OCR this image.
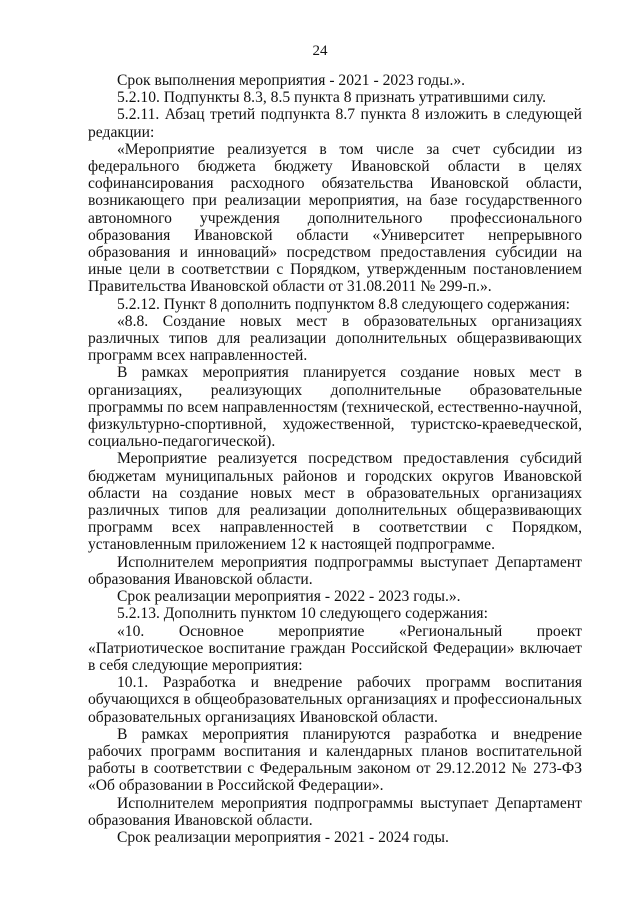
24
Срок выполнения мероприятия - 2021 - 2023 годы.».
5.2.10. Подпункты 8.3, 8.5 пункта 8 признать утратившими силу.
5.2.11. Абзац третий подпункта 8.7 пункта 8 изложить в следующей
редакции:
«Мероприятие реализуется в том числе за счет субсидии из
федерального бюджета бюджету Ивановской области в целях
софинансирования расходного обязательства Ивановской области,
возникающего при реализации мероприятия, на базе государственного
автономного учреждения дополнительного профессионального
образования Ивановской области «Университет непрерывного
образования и инноваций» посредством предоставления субсидии на
иные цели в соответствии с Порядком, утвержденным постановлением
Правительства Ивановской области от 31.08.2011 № 299-п.».
5.2.12. Пункт 8 дополнить подпунктом 8.8 следующего содержания:
«8.8. Создание новых мест в образовательных организациях
различных типов для реализации дополнительных общеразвивающих
программ всех направленностей.
В рамках мероприятия планируется создание новых мест в
организациях, реализующих дополнительные образовательные
программы по всем направленностям (технической, естественно-научной,
физкультурно-спортивной, художественной, туристско-краеведческой,
социально-педагогической).
Мероприятие реализуется посредством предоставления субсидий
бюджетам муниципальных районов и городских округов Ивановской
области на создание новых мест в образовательных организациях
различных типов для реализации дополнительных общеразвивающих
программ всех направленностей в соответствии с Порядком,
установленным приложением 12 к настоящей подпрограмме.
Исполнителем мероприятия подпрограммы выступает Департамент
образования Ивановской области.
Срок реализации мероприятия - 2022 - 2023 годы.».
5.2.13. Дополнить пунктом 10 следующего содержания:
«10. Основное мероприятие «Региональный проект
«Патриотическое воспитание граждан Российской Федерации» включает
в себя следующие мероприятия:
10.1. Разработка и внедрение рабочих программ воспитания
обучающихся в общеобразовательных организациях и профессиональных
образовательных организациях Ивановской области.
В рамках мероприятия планируются разработка и внедрение
рабочих программ воспитания и календарных планов воспитательной
работы в соответствии с Федеральным законом от 29.12.2012 № 273-ФЗ
«Об образовании в Российской Федерации».
Исполнителем мероприятия подпрограммы выступает Департамент
образования Ивановской области.
Срок реализации мероприятия - 2021 - 2024 годы.
